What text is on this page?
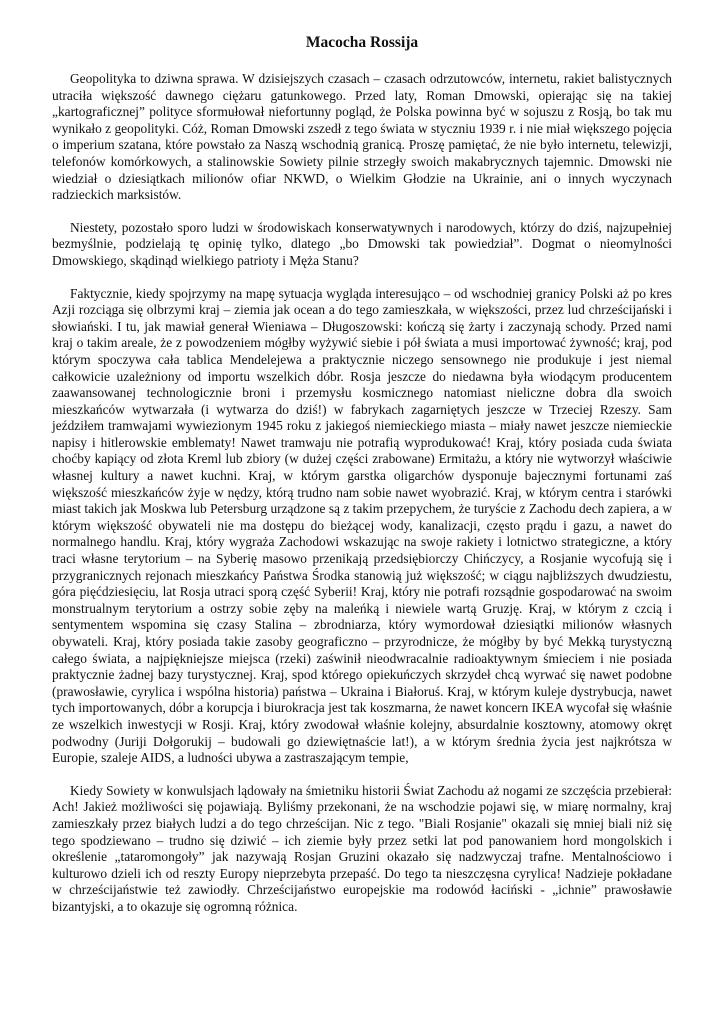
Macocha Rossija

Geopolityka to dziwna sprawa. W dzisiejszych czasach – czasach odrzutowców, internetu, rakiet balistycznych utraciła większość dawnego ciężaru gatunkowego. Przed laty, Roman Dmowski, opierając się na takiej „kartograficznej” polityce sformułował niefortunny pogląd, że Polska powinna być w sojuszu z Rosją, bo tak mu wynikało z geopolityki. Cóż, Roman Dmowski zszedł z tego świata w styczniu 1939 r. i nie miał większego pojęcia o imperium szatana, które powstało za Naszą wschodnią granicą. Proszę pamiętać, że nie było internetu, telewizji, telefonów komórkowych, a stalinowskie Sowiety pilnie strzegły swoich makabrycznych tajemnic. Dmowski nie wiedział o dziesiątkach milionów ofiar NKWD, o Wielkim Głodzie na Ukrainie, ani o innych wyczynach radzieckich marksistów.

Niestety, pozostało sporo ludzi w środowiskach konserwatywnych i narodowych, którzy do dziś, najzupełniej bezmyślnie, podzielają tę opinię tylko, dlatego „bo Dmowski tak powiedział”. Dogmat o nieomylności Dmowskiego, skądinąd wielkiego patrioty i Męża Stanu?

Faktycznie, kiedy spojrzymy na mapę sytuacja wygląda interesująco – od wschodniej granicy Polski aż po kres Azji rozciąga się olbrzymi kraj – ziemia jak ocean a do tego zamieszkała, w większości, przez lud chrześcijański i słowiański. I tu, jak mawiał generał Wieniawa – Długoszowski: kończą się żarty i zaczynają schody. Przed nami kraj o takim areale, że z powodzeniem mógłby wyżywić siebie i pół świata a musi importować żywność; kraj, pod którym spoczywa cała tablica Mendelejewa a praktycznie niczego sensownego nie produkuje i jest niemal całkowicie uzależniony od importu wszelkich dóbr. Rosja jeszcze do niedawna była wiodącym producentem zaawansowanej technologicznie broni i przemysłu kosmicznego natomiast nieliczne dobra dla swoich mieszkańców wytwarzała (i wytwarza do dziś!) w fabrykach zagarniętych jeszcze w Trzeciej Rzeszy. Sam jeździłem tramwajami wywiezionym 1945 roku z jakiegoś niemieckiego miasta – miały nawet jeszcze niemieckie napisy i hitlerowskie emblematy! Nawet tramwaju nie potrafią wyprodukować! Kraj, który posiada cuda świata choćby kapiący od złota Kreml lub zbiory (w dużej części zrabowane) Ermitażu, a który nie wytworzył właściwie własnej kultury a nawet kuchni. Kraj, w którym garstka oligarchów dysponuje bajecznymi fortunami zaś większość mieszkańców żyje w nędzy, którą trudno nam sobie nawet wyobrazić. Kraj, w którym centra i starówki miast takich jak Moskwa lub Petersburg urządzone są z takim przepychem, że turyście z Zachodu dech zapiera, a w którym większość obywateli nie ma dostępu do bieżącej wody, kanalizacji, często prądu i gazu, a nawet do normalnego handlu. Kraj, który wygraża Zachodowi wskazując na swoje rakiety i lotnictwo strategiczne, a który traci własne terytorium – na Syberię masowo przenikają przedsiębiorczy Chińczycy, a Rosjanie wycofują się i przygranicznych rejonach mieszkańcy Państwa Środka stanowią już większość; w ciągu najbliższych dwudziestu, góra pięćdziesięciu, lat Rosja utraci sporą część Syberii! Kraj, który nie potrafi rozsądnie gospodarować na swoim monstrualnym terytorium a ostrzy sobie zęby na maleńką i niewiele wartą Gruzję. Kraj, w którym z czcią i sentymentem wspomina się czasy Stalina – zbrodniarza, który wymordował dziesiątki milionów własnych obywateli. Kraj, który posiada takie zasoby geograficzno – przyrodnicze, że mógłby by być Mekką turystyczną całego świata, a najpiękniejsze miejsca (rzeki) zaświnił nieodwracalnie radioaktywnym śmieciem i nie posiada praktycznie żadnej bazy turystycznej. Kraj, spod którego opiekuńczych skrzydeł chcą wyrwać się nawet podobne (prawosławie, cyrylica i wspólna historia) państwa – Ukraina i Białoruś. Kraj, w którym kuleje dystrybucja, nawet tych importowanych, dóbr a korupcja i biurokracja jest tak koszmarna, że nawet koncern IKEA wycofał się właśnie ze wszelkich inwestycji w Rosji. Kraj, który zwodował właśnie kolejny, absurdalnie kosztowny, atomowy okręt podwodny (Juriji Dołgorukij – budowali go dziewiętnaście lat!), a w którym średnia życia jest najkrótsza w Europie, szaleje AIDS, a ludności ubywa a zastraszającym tempie,

Kiedy Sowiety w konwulsjach lądowały na śmietniku historii Świat Zachodu aż nogami ze szczęścia przebierał: Ach! Jakież możliwości się pojawiają. Byliśmy przekonani, że na wschodzie pojawi się, w miarę normalny, kraj zamieszkały przez białych ludzi a do tego chrześcijan. Nic z tego. "Biali Rosjanie" okazali się mniej biali niż się tego spodziewano – trudno się dziwić – ich ziemie były przez setki lat pod panowaniem hord mongolskich i określenie „tataromongoły” jak nazywają Rosjan Gruzini okazało się nadzwyczaj trafne. Mentalnościowo i kulturowo dzieli ich od reszty Europy nieprzebyta przepaść. Do tego ta nieszczęsna cyrylica! Nadzieje pokładane w chrześcijaństwie też zawiodły. Chrześcijaństwo europejskie ma rodowód łaciński - „ichnie” prawosławie bizantyjski, a to okazuje się ogromną różnica.
